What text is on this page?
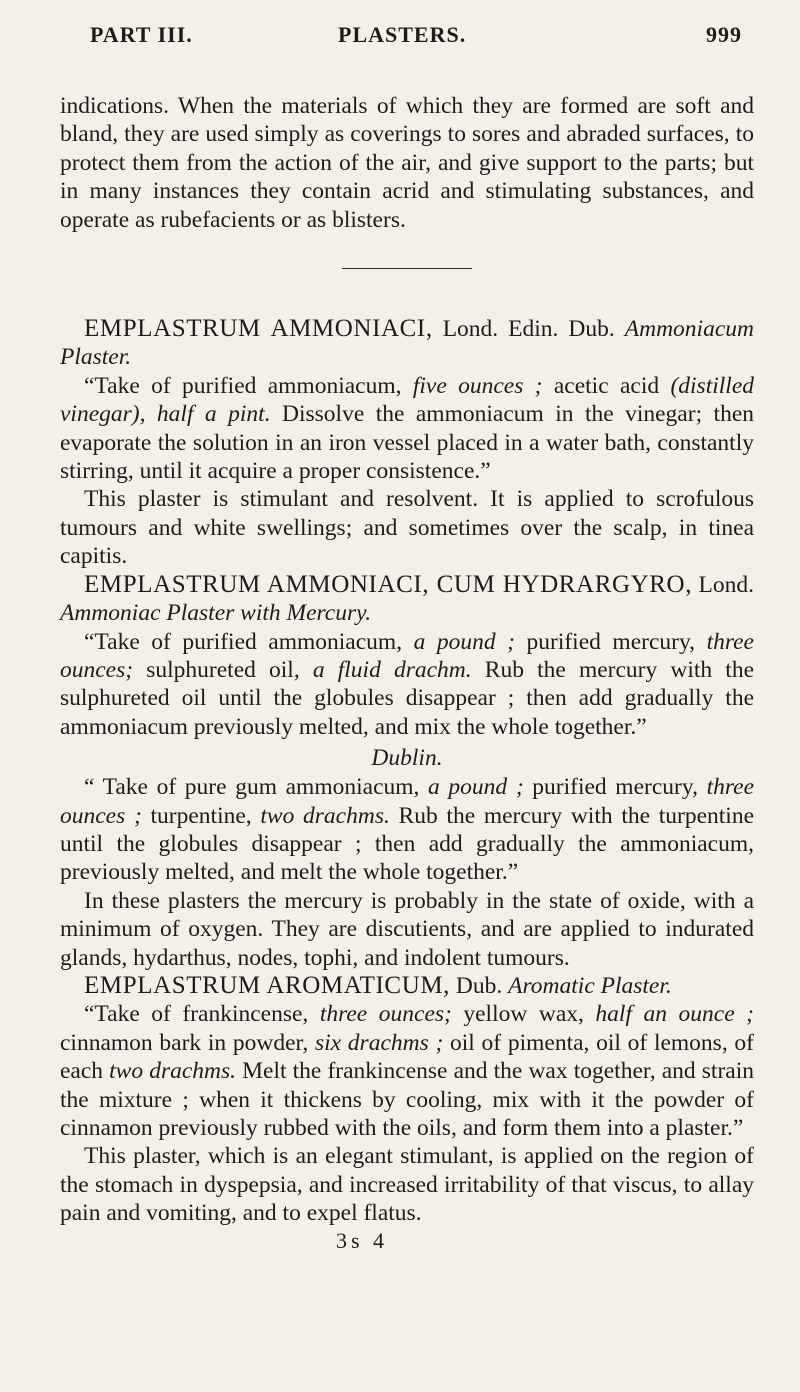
PART III.	PLASTERS.	999

indications. When the materials of which they are formed are soft and bland, they are used simply as coverings to sores and abraded surfaces, to protect them from the action of the air, and give support to the parts; but in many instances they contain acrid and stimulating substances, and operate as rubefacients or as blisters.

EMPLASTRUM AMMONIACI, Lond. Edin. Dub. Ammoniacum Plaster.

“Take of purified ammoniacum, five ounces ; acetic acid (distilled vinegar), half a pint. Dissolve the ammoniacum in the vinegar; then evaporate the solution in an iron vessel placed in a water bath, constantly stirring, until it acquire a proper consistence.”

This plaster is stimulant and resolvent. It is applied to scrofulous tumours and white swellings; and sometimes over the scalp, in tinea capitis.

EMPLASTRUM AMMONIACI, CUM HYDRARGYRO, Lond. Ammoniac Plaster with Mercury.

“Take of purified ammoniacum, a pound ; purified mercury, three ounces; sulphureted oil, a fluid drachm. Rub the mercury with the sulphureted oil until the globules disappear ; then add gradually the ammoniacum previously melted, and mix the whole together.”

Dublin.

“ Take of pure gum ammoniacum, a pound ; purified mercury, three ounces ; turpentine, two drachms. Rub the mercury with the turpentine until the globules disappear ; then add gradually the ammoniacum, previously melted, and melt the whole together.”

In these plasters the mercury is probably in the state of oxide, with a minimum of oxygen. They are discutients, and are applied to indurated glands, hydarthus, nodes, tophi, and indolent tumours.

EMPLASTRUM AROMATICUM, Dub. Aromatic Plaster.

“Take of frankincense, three ounces; yellow wax, half an ounce ; cinnamon bark in powder, six drachms ; oil of pimenta, oil of lemons, of each two drachms. Melt the frankincense and the wax together, and strain the mixture ; when it thickens by cooling, mix with it the powder of cinnamon previously rubbed with the oils, and form them into a plaster.”

This plaster, which is an elegant stimulant, is applied on the region of the stomach in dyspepsia, and increased irritability of that viscus, to allay pain and vomiting, and to expel flatus.

3s 4
